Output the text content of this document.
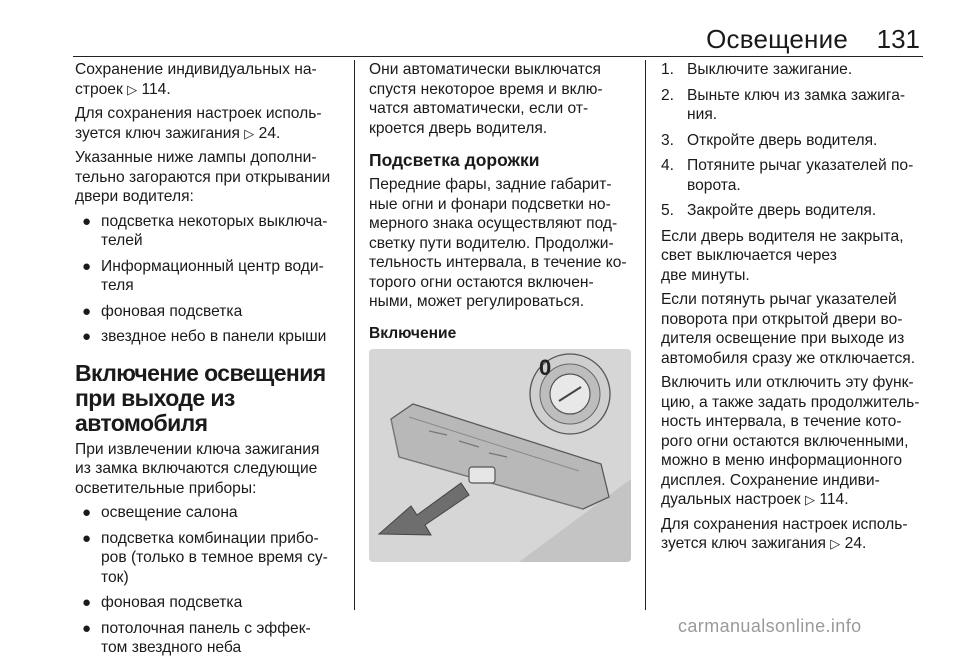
Освещение 131

Сохранение индивидуальных на-
строек ▷ 114.

Для сохранения настроек исполь-
зуется ключ зажигания ▷ 24.

Указанные ниже лампы дополни-
тельно загораются при открывании
двери водителя:

● подсветка некоторых выключа-
телей
● Информационный центр води-
теля
● фоновая подсветка
● звездное небо в панели крыши
Включение освещения
при выходе из автомобиля

При извлечении ключа зажигания
из замка включаются следующие
осветительные приборы:

● освещение салона
● подсветка комбинации прибо-
ров (только в темное время су-
ток)
● фоновая подсветка
● потолочная панель с эффек-
том звездного неба

Они автоматически выключатся
спустя некоторое время и вклю-
чатся автоматически, если от-
кроется дверь водителя.

Подсветка дорожки

Передние фары, задние габарит-
ные огни и фонари подсветки но-
мерного знака осуществляют под-
светку пути водителю. Продолжи-
тельность интервала, в течение ко-
торого огни остаются включен-
ными, может регулироваться.

Включение
0
1. Выключите зажигание.
2. Выньте ключ из замка зажига-
ния.
3. Откройте дверь водителя.
4. Потяните рычаг указателей по-
ворота.
5. Закройте дверь водителя.

Если дверь водителя не закрыта,
свет выключается через
две минуты.

Если потянуть рычаг указателей
поворота при открытой двери во-
дителя освещение при выходе из
автомобиля сразу же отключается.

Включить или отключить эту функ-
цию, а также задать продолжитель-
ность интервала, в течение кото-
рого огни остаются включенными,
можно в меню информационного
дисплея. Сохранение индиви-
дуальных настроек ▷ 114.

Для сохранения настроек исполь-
зуется ключ зажигания ▷ 24.

carmanualsonline.info
